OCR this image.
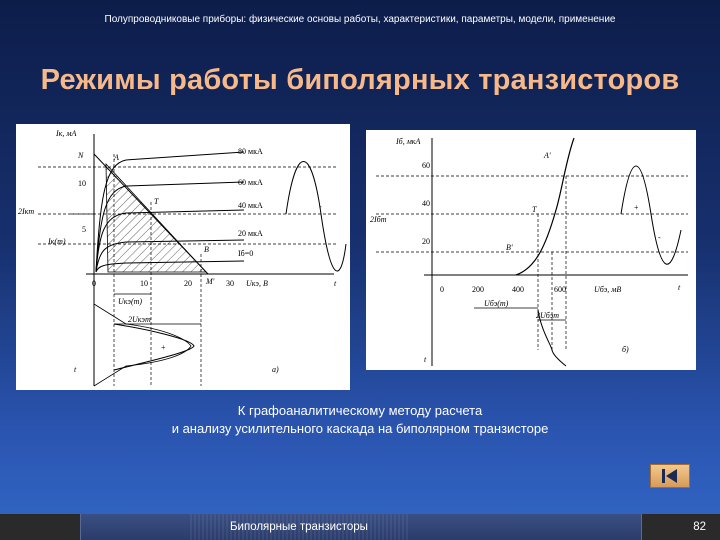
Полупроводниковые приборы: физические основы работы, характеристики, параметры, модели, применение
Режимы работы биполярных транзисторов
Iк, мА
Uкэ, В
10
5
0	10	20	30
80 мкА
60 мкА
40 мкА
20 мкА
Iб=0
N	A
T
B
M'
2Iкm
Iк(т)
Uкэ(т)
2Uкэm
+
-
t
t	a)
Iб, мкА
Uбэ, мВ
60
40
20
0	200	400	600
A'
T
B'
2Iбm
Uбэ(т)
2Uбэm
+
-
t
t
б)
К графоаналитическому методу расчета
и анализу усилительного каскада на биполярном транзисторе
Биполярные транзисторы	82
